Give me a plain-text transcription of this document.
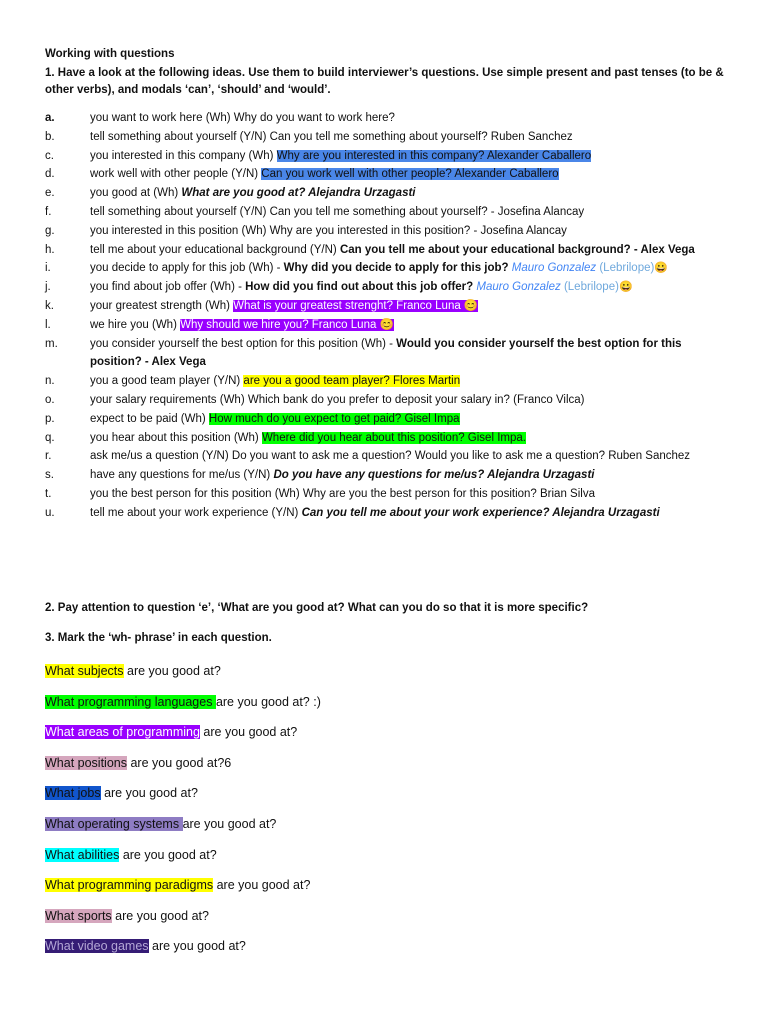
Working with questions
1. Have a look at the following ideas. Use them to build interviewer’s questions. Use simple present and past tenses (to be & other verbs), and modals ‘can’, ‘should’ and ‘would’.
a.	you want to work here (Wh) Why do you want to work here?
b.	tell something about yourself (Y/N) Can you tell me something about yourself? Ruben Sanchez
c.	you interested in this company (Wh) Why are you interested in this company? Alexander Caballero
d.	work well with other people (Y/N) Can you work well with other people? Alexander Caballero
e.	you good at (Wh) What are you good at? Alejandra Urzagasti
f.	tell something about yourself (Y/N) Can you tell me something about yourself? - Josefina Alancay
g.	you interested in this position (Wh) Why are you interested in this position? - Josefina Alancay
h.	tell me about your educational background (Y/N) Can you tell me about your educational background? - Alex Vega
i.	you decide to apply for this job (Wh) - Why did you decide to apply for this job? Mauro Gonzalez (Lebrilope)😀
j.	you find about job offer (Wh) - How did you find out about this job offer? Mauro Gonzalez (Lebrilope)😀
k.	your greatest strength (Wh) What is your greatest strenght? Franco Luna 😊
l.	we hire you (Wh) Why should we hire you? Franco Luna 😊
m.	you consider yourself the best option for this position (Wh) - Would you consider yourself the best option for this position? - Alex Vega
n.	you a good team player (Y/N) are you a good team player? Flores Martin
o.	your salary requirements (Wh) Which bank do you prefer to deposit your salary in? (Franco Vilca)
p.	expect to be paid (Wh) How much do you expect to get paid? Gisel Impa
q.	you hear about this position (Wh) Where did you hear about this position? Gisel Impa.
r.	ask me/us a question (Y/N) Do you want to ask me a question? Would you like to ask me a question? Ruben Sanchez
s.	have any questions for me/us (Y/N) Do you have any questions for me/us? Alejandra Urzagasti
t.	you the best person for this position (Wh) Why are you the best person for this position? Brian Silva
u.	tell me about your work experience (Y/N) Can you tell me about your work experience? Alejandra Urzagasti
2. Pay attention to question ‘e’, ‘What are you good at? What can you do so that it is more specific?
3. Mark the ‘wh- phrase’ in each question.
What subjects are you good at?
What programming languages are you good at? :)
What areas of programming are you good at?
What positions are you good at?6
What jobs are you good at?
What operating systems are you good at?
What abilities are you good at?
What programming paradigms are you good at?
What sports are you good at?
What video games are you good at?
